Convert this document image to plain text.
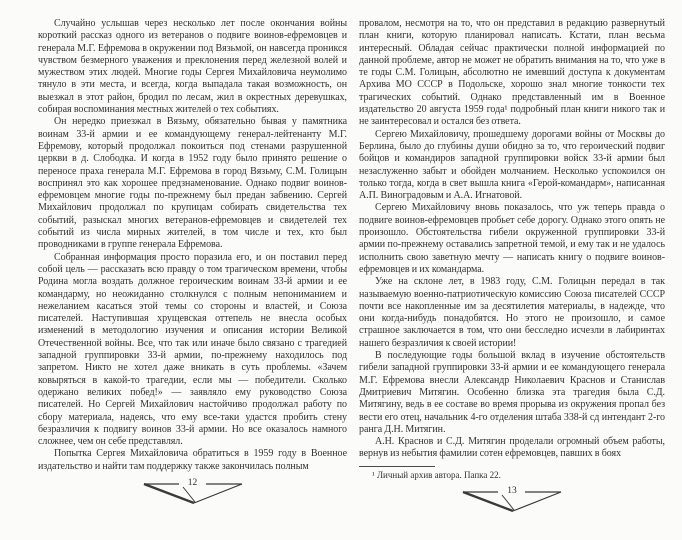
Случайно услышав через несколько лет после окончания войны короткий рассказ одного из ветеранов о подвиге воинов-ефремовцев и генерала М.Г. Ефремова в окружении под Вязьмой, он навсегда проникся чувством безмерного уважения и преклонения перед железной волей и мужеством этих людей. Многие годы Сергея Михайловича неумолимо тянуло в эти места, и всегда, когда выпадала такая возможность, он выезжал в этот район, бродил по лесам, жил в окрестных деревушках, собирая воспоминания местных жителей о тех событиях.

Он нередко приезжал в Вязьму, обязательно бывая у памятника воинам 33-й армии и ее командующему генерал-лейтенанту М.Г. Ефремову, который продолжал покоиться под стенами разрушенной церкви в д. Слободка. И когда в 1952 году было принято решение о переносе праха генерала М.Г. Ефремова в город Вязьму, С.М. Голицын воспринял это как хорошее предзнаменование. Однако подвиг воинов-ефремовцем многие годы по-прежнему был предан забвению. Сергей Михайлович продолжал по крупицам собирать свидетельства тех событий, разыскал многих ветеранов-ефремовцев и свидетелей тех событий из числа мирных жителей, в том числе и тех, кто был проводниками в группе генерала Ефремова.

Собранная информация просто поразила его, и он поставил перед собой цель — рассказать всю правду о том трагическом времени, чтобы Родина могла воздать должное героическим воинам 33-й армии и ее командарму, но неожиданно столкнулся с полным непониманием и нежеланием касаться этой темы со стороны и властей, и Союза писателей. Наступившая хрущевская оттепель не внесла особых изменений в методологию изучения и описания истории Великой Отечественной войны. Все, что так или иначе было связано с трагедией западной группировки 33-й армии, по-прежнему находилось под запретом. Никто не хотел даже вникать в суть проблемы. «Зачем ковыряться в какой-то трагедии, если мы — победители. Сколько одержано великих побед!» — заявляло ему руководство Союза писателей. Но Сергей Михайлович настойчиво продолжал работу по сбору материала, надеясь, что ему все-таки удастся пробить стену безразличия к подвигу воинов 33-й армии. Но все оказалось намного сложнее, чем он себе представлял.

Попытка Сергея Михайловича обратиться в 1959 году в Военное издательство и найти там поддержку также закончилась полным

12

провалом, несмотря на то, что он представил в редакцию развернутый план книги, которую планировал написать. Кстати, план весьма интересный. Обладая сейчас практически полной информацией по данной проблеме, автор не может не обратить внимания на то, что уже в те годы С.М. Голицын, абсолютно не имевший доступа к документам Архива МО СССР в Подольске, хорошо знал многие тонкости тех трагических событий. Однако представленный им в Военное издательство 20 августа 1959 года¹ подробный план книги никого так и не заинтересовал и остался без ответа.

Сергею Михайловичу, прошедшему дорогами войны от Москвы до Берлина, было до глубины души обидно за то, что героический подвиг бойцов и командиров западной группировки войск 33-й армии был незаслуженно забыт и обойден молчанием. Несколько успокоился он только тогда, когда в свет вышла книга «Герой-командарм», написанная А.П. Виноградовым и А.А. Игнатовой.

Сергею Михайловичу вновь показалось, что уж теперь правда о подвиге воинов-ефремовцев пробьет себе дорогу. Однако этого опять не произошло. Обстоятельства гибели окруженной группировки 33-й армии по-прежнему оставались запретной темой, и ему так и не удалось исполнить свою заветную мечту — написать книгу о подвиге воинов-ефремовцев и их командарма.

Уже на склоне лет, в 1983 году, С.М. Голицын передал в так называемую военно-патриотическую комиссию Союза писателей СССР почти все накопленные им за десятилетия материалы, в надежде, что они когда-нибудь понадобятся. Но этого не произошло, и самое страшное заключается в том, что они бесследно исчезли в лабиринтах нашего безразличия к своей истории!

В последующие годы большой вклад в изучение обстоятельств гибели западной группировки 33-й армии и ее командующего генерала М.Г. Ефремова внесли Александр Николаевич Краснов и Станислав Дмитриевич Митягин. Особенно близка эта трагедия была С.Д. Митягину, ведь в ее составе во время прорыва из окружения пропал без вести его отец, начальник 4-го отделения штаба 338-й сд интендант 2-го ранга Д.Н. Митягин.

А.Н. Краснов и С.Д. Митягин проделали огромный объем работы, вернув из небытия фамилии сотен ефремовцев, павших в боях

¹ Личный архив автора. Папка 22.

13
